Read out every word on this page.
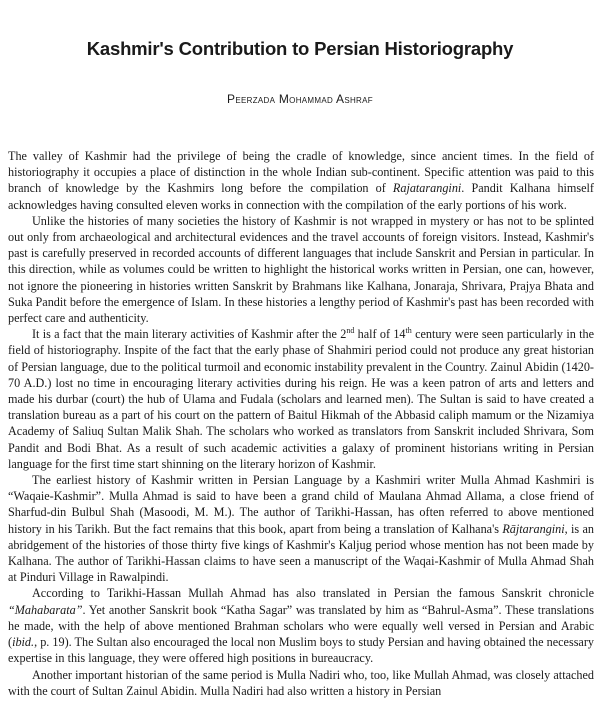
Kashmir's Contribution to Persian Historiography
Peerzada Mohammad Ashraf

The valley of Kashmir had the privilege of being the cradle of knowledge, since ancient times. In the field of historiography it occupies a place of distinction in the whole Indian sub-continent. Specific attention was paid to this branch of knowledge by the Kashmirs long before the compilation of Rajatarangini. Pandit Kalhana himself acknowledges having consulted eleven works in connection with the compilation of the early portions of his work.

Unlike the histories of many societies the history of Kashmir is not wrapped in mystery or has not to be splinted out only from archaeological and architectural evidences and the travel accounts of foreign visitors. Instead, Kashmir's past is carefully preserved in recorded accounts of different languages that include Sanskrit and Persian in particular. In this direction, while as volumes could be written to highlight the historical works written in Persian, one can, however, not ignore the pioneering in histories written Sanskrit by Brahmans like Kalhana, Jonaraja, Shrivara, Prajya Bhata and Suka Pandit before the emergence of Islam. In these histories a lengthy period of Kashmir's past has been recorded with perfect care and authenticity.

It is a fact that the main literary activities of Kashmir after the 2nd half of 14th century were seen particularly in the field of historiography. Inspite of the fact that the early phase of Shahmiri period could not produce any great historian of Persian language, due to the political turmoil and economic instability prevalent in the Country. Zainul Abidin (1420-70 A.D.) lost no time in encouraging literary activities during his reign. He was a keen patron of arts and letters and made his durbar (court) the hub of Ulama and Fudala (scholars and learned men). The Sultan is said to have created a translation bureau as a part of his court on the pattern of Baitul Hikmah of the Abbasid caliph mamum or the Nizamiya Academy of Saliuq Sultan Malik Shah. The scholars who worked as translators from Sanskrit included Shrivara, Som Pandit and Bodi Bhat. As a result of such academic activities a galaxy of prominent historians writing in Persian language for the first time start shinning on the literary horizon of Kashmir.

The earliest history of Kashmir written in Persian Language by a Kashmiri writer Mulla Ahmad Kashmiri is “Waqaie-Kashmir”. Mulla Ahmad is said to have been a grand child of Maulana Ahmad Allama, a close friend of Sharfud-din Bulbul Shah (Masoodi, M. M.). The author of Tarikhi-Hassan, has often referred to above mentioned history in his Tarikh. But the fact remains that this book, apart from being a translation of Kalhana's Rājtarangini, is an abridgement of the histories of those thirty five kings of Kashmir's Kaljug period whose mention has not been made by Kalhana. The author of Tarikhi-Hassan claims to have seen a manuscript of the Waqai-Kashmir of Mulla Ahmad Shah at Pinduri Village in Rawalpindi.

According to Tarikhi-Hassan Mullah Ahmad has also translated in Persian the famous Sanskrit chronicle “Mahabarata”. Yet another Sanskrit book “Katha Sagar” was translated by him as “Bahrul-Asma”. These translations he made, with the help of above mentioned Brahman scholars who were equally well versed in Persian and Arabic (ibid., p. 19). The Sultan also encouraged the local non Muslim boys to study Persian and having obtained the necessary expertise in this language, they were offered high positions in bureaucracy.

Another important historian of the same period is Mulla Nadiri who, too, like Mullah Ahmad, was closely attached with the court of Sultan Zainul Abidin. Mulla Nadiri had also written a history in Persian
